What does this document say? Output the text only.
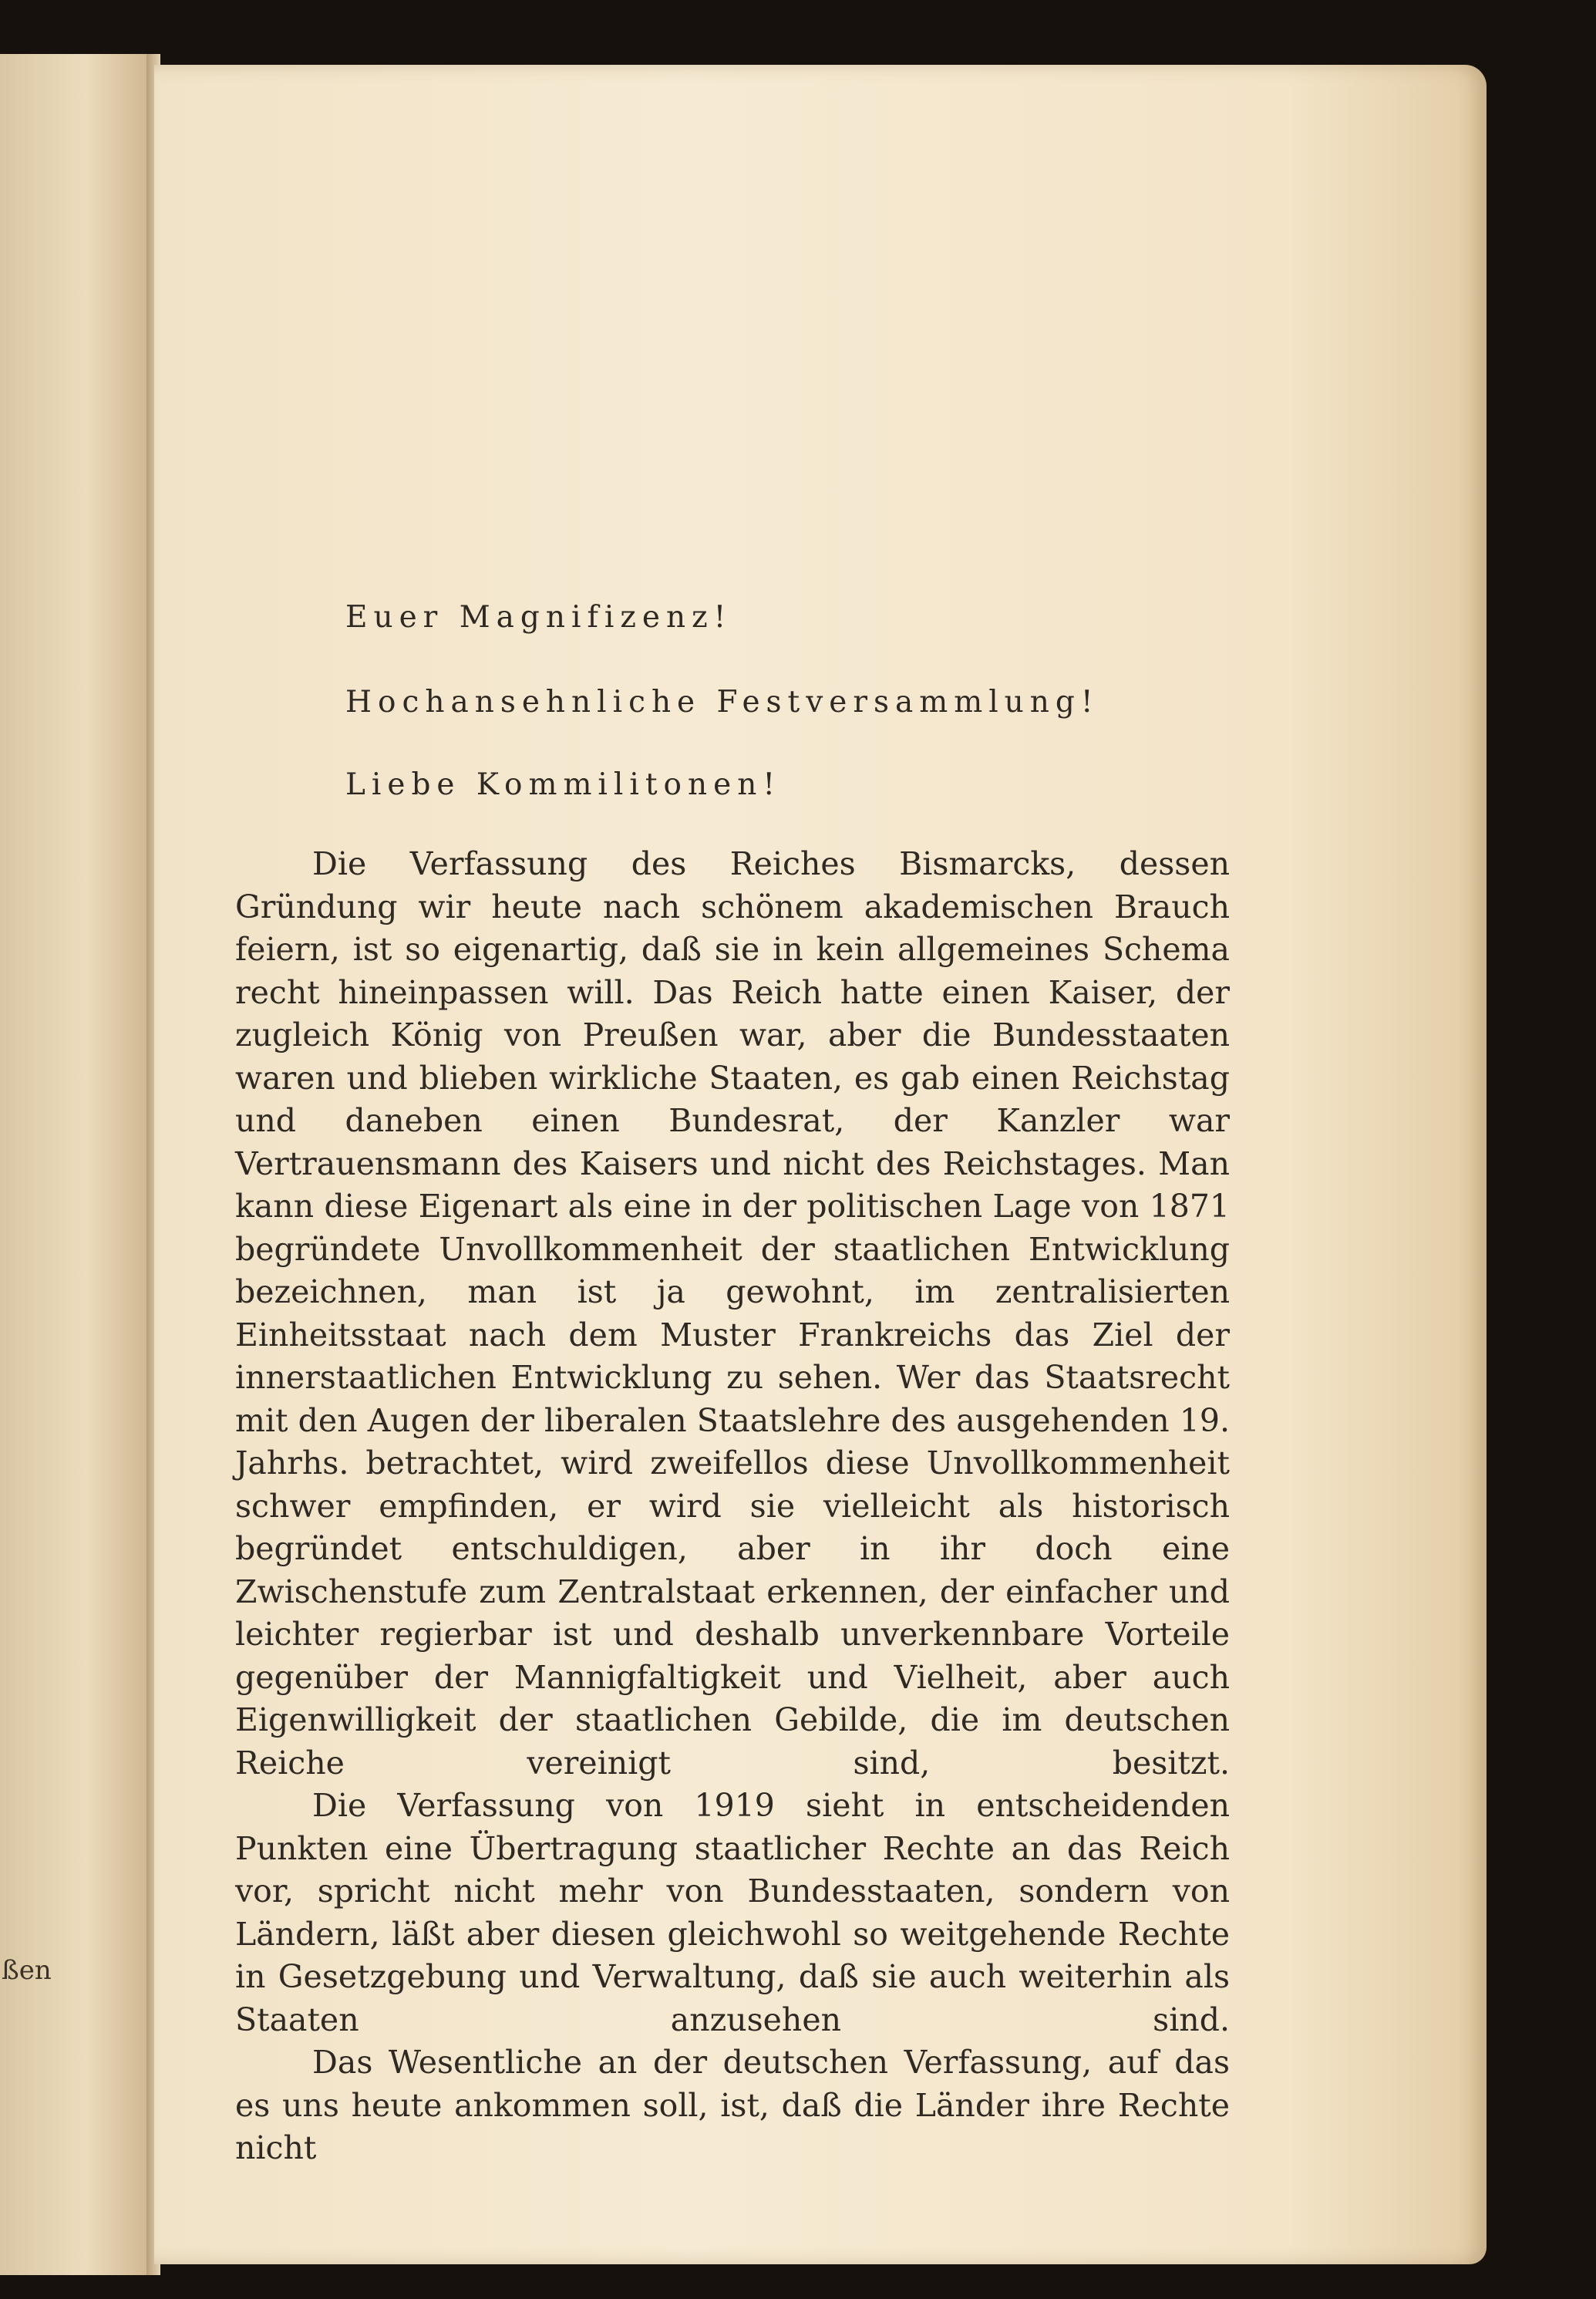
ßen
Euer Magnifizenz!
Hochansehnliche Festversammlung!
Liebe Kommilitonen!

Die Verfassung des Reiches Bismarcks, dessen Gründung wir heute nach schönem akademischen Brauch feiern, ist so eigenartig, daß sie in kein allgemeines Schema recht hineinpassen will. Das Reich hatte einen Kaiser, der zugleich König von Preußen war, aber die Bundesstaaten waren und blieben wirkliche Staaten, es gab einen Reichstag und daneben einen Bundesrat, der Kanzler war Vertrauensmann des Kaisers und nicht des Reichstages. Man kann diese Eigenart als eine in der politischen Lage von 1871 begründete Unvollkommenheit der staatlichen Entwicklung bezeichnen, man ist ja gewohnt, im zentralisierten Einheitsstaat nach dem Muster Frankreichs das Ziel der innerstaatlichen Entwicklung zu sehen. Wer das Staatsrecht mit den Augen der liberalen Staatslehre des ausgehenden 19. Jahrhs. betrachtet, wird zweifellos diese Unvollkommenheit schwer empfinden, er wird sie vielleicht als historisch begründet entschuldigen, aber in ihr doch eine Zwischenstufe zum Zentralstaat erkennen, der einfacher und leichter regierbar ist und deshalb unverkennbare Vorteile gegenüber der Mannigfaltigkeit und Vielheit, aber auch Eigenwilligkeit der staatlichen Gebilde, die im deutschen Reiche vereinigt sind, besitzt.

Die Verfassung von 1919 sieht in entscheidenden Punkten eine Übertragung staatlicher Rechte an das Reich vor, spricht nicht mehr von Bundesstaaten, sondern von Ländern, läßt aber diesen gleichwohl so weitgehende Rechte in Gesetzgebung und Verwaltung, daß sie auch weiterhin als Staaten anzusehen sind.

Das Wesentliche an der deutschen Verfassung, auf das es uns heute ankommen soll, ist, daß die Länder ihre Rechte nicht
